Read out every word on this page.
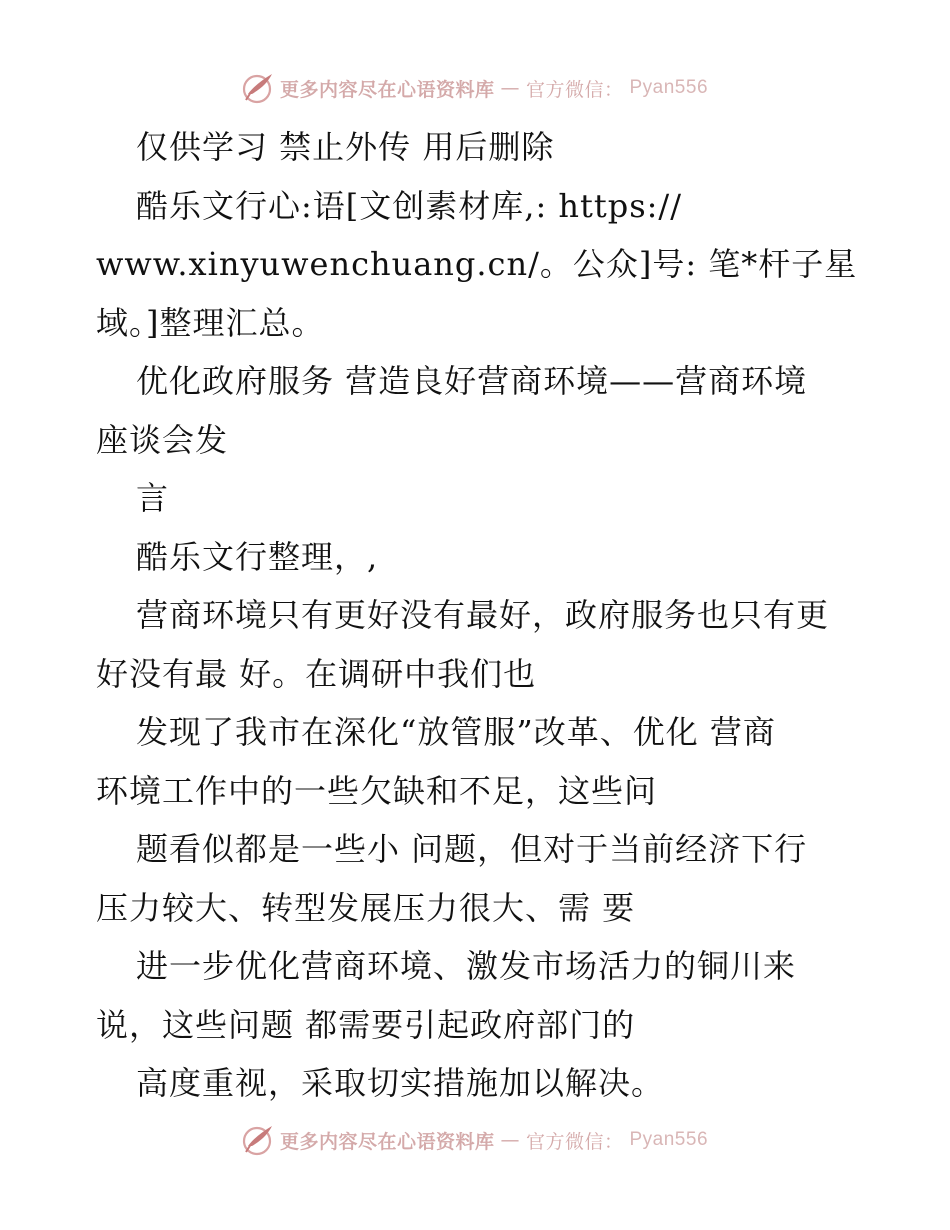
更多内容尽在心语资料库 — 官方微信： Pyan556
仅供学习 禁止外传 用后删除
酷乐文行心:语[文创素材库,: https://
www.xinyuwenchuang.cn/。公众]号: 笔*杆子星
域。]整理汇总。
优化政府服务 营造良好营商环境——营商环境
座谈会发
言
酷乐文行整理，,
营商环境只有更好没有最好，政府服务也只有更
好没有最 好。在调研中我们也
发现了我市在深化“放管服”改革、优化 营商
环境工作中的一些欠缺和不足，这些问
题看似都是一些小 问题，但对于当前经济下行
压力较大、转型发展压力很大、需 要
进一步优化营商环境、激发市场活力的铜川来
说，这些问题 都需要引起政府部门的
高度重视，采取切实措施加以解决。
更多内容尽在心语资料库 — 官方微信： Pyan556
